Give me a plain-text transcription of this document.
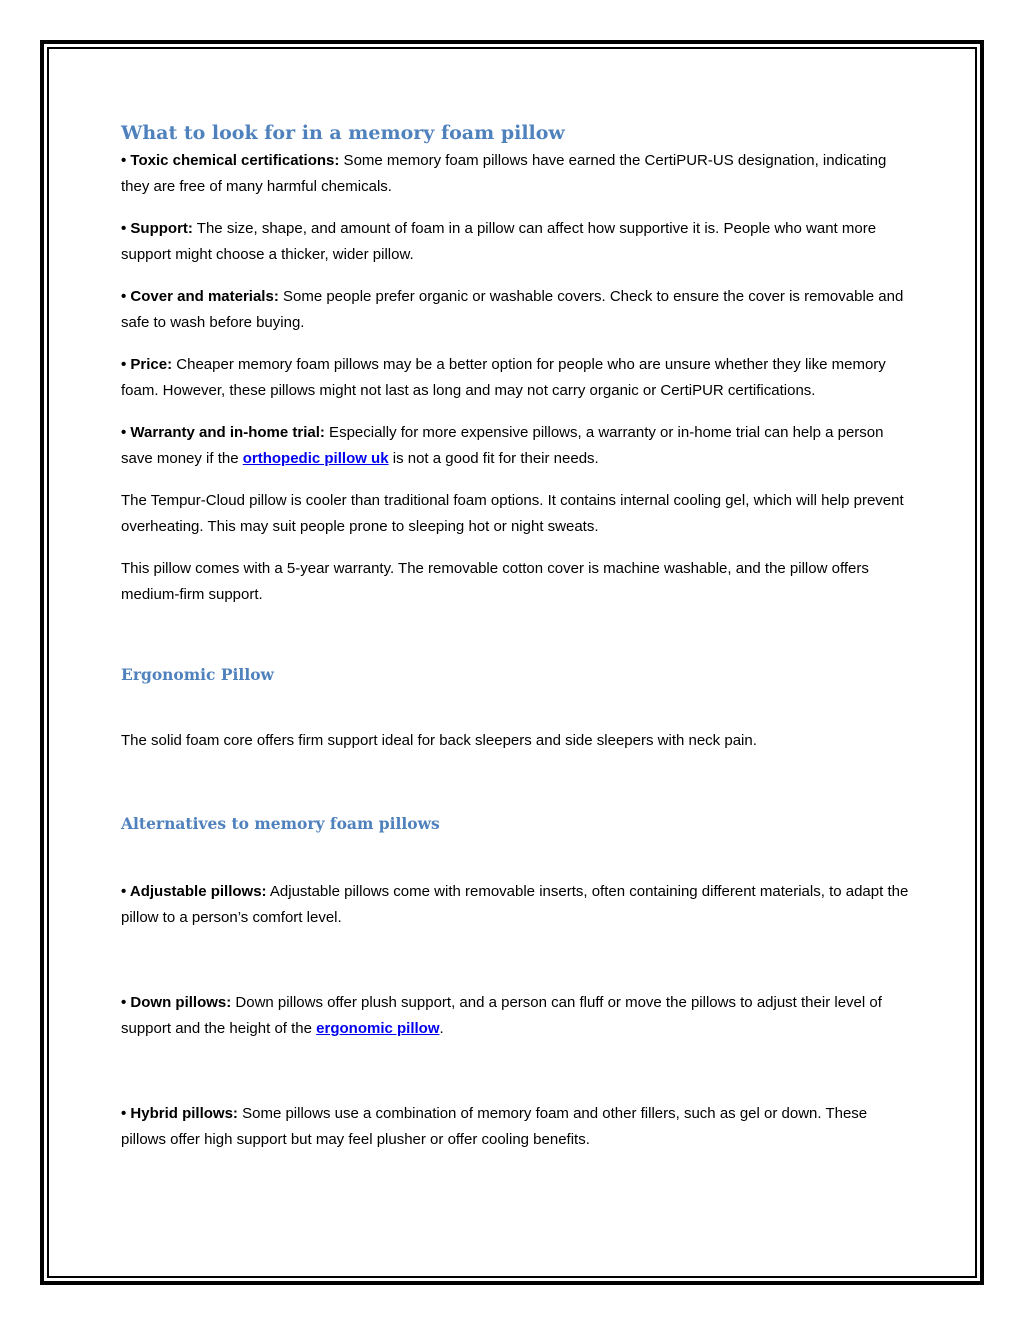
What to look for in a memory foam pillow

• Toxic chemical certifications: Some memory foam pillows have earned the CertiPUR-US designation, indicating they are free of many harmful chemicals.

• Support: The size, shape, and amount of foam in a pillow can affect how supportive it is. People who want more support might choose a thicker, wider pillow.

• Cover and materials: Some people prefer organic or washable covers. Check to ensure the cover is removable and safe to wash before buying.

• Price: Cheaper memory foam pillows may be a better option for people who are unsure whether they like memory foam. However, these pillows might not last as long and may not carry organic or CertiPUR certifications.

• Warranty and in-home trial: Especially for more expensive pillows, a warranty or in-home trial can help a person save money if the orthopedic pillow uk is not a good fit for their needs.

The Tempur-Cloud pillow is cooler than traditional foam options. It contains internal cooling gel, which will help prevent overheating. This may suit people prone to sleeping hot or night sweats.

This pillow comes with a 5-year warranty. The removable cotton cover is machine washable, and the pillow offers medium-firm support.

Ergonomic Pillow

The solid foam core offers firm support ideal for back sleepers and side sleepers with neck pain.

Alternatives to memory foam pillows

• Adjustable pillows: Adjustable pillows come with removable inserts, often containing different materials, to adapt the pillow to a person’s comfort level.

• Down pillows: Down pillows offer plush support, and a person can fluff or move the pillows to adjust their level of support and the height of the ergonomic pillow.

• Hybrid pillows: Some pillows use a combination of memory foam and other fillers, such as gel or down. These pillows offer high support but may feel plusher or offer cooling benefits.
